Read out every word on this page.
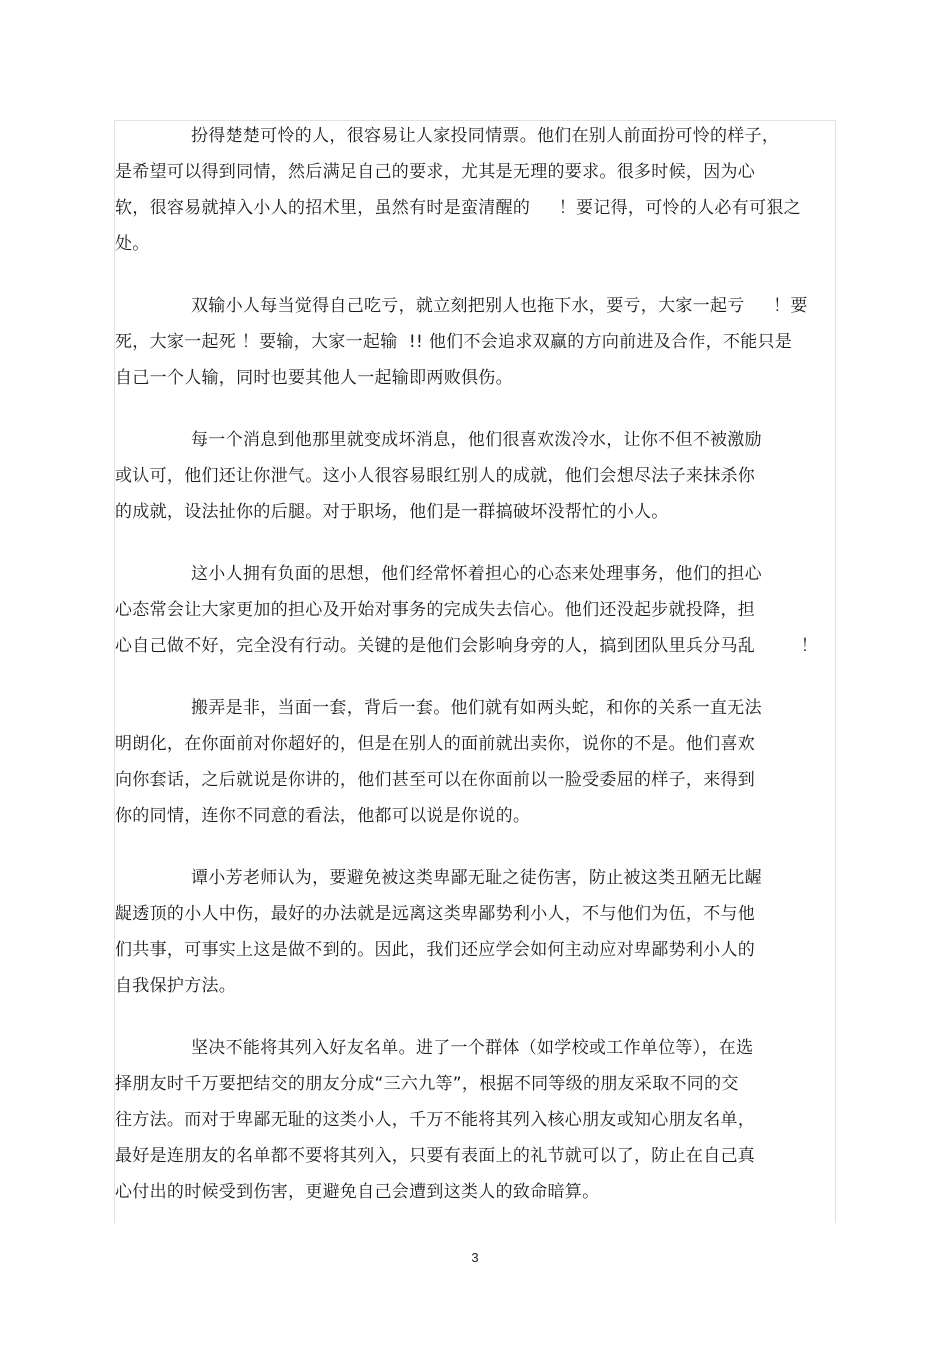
扮得楚楚可怜的人，很容易让人家投同情票。他们在别人前面扮可怜的样子，
是希望可以得到同情，然后满足自己的要求，尤其是无理的要求。很多时候，因为心
软，很容易就掉入小人的招术里，虽然有时是蛮清醒的     ！要记得，可怜的人必有可狠之
处。
双输小人每当觉得自己吃亏，就立刻把别人也拖下水，要亏，大家一起亏     ！要
死，大家一起死 ！要输，大家一起输  !! 他们不会追求双赢的方向前进及合作，不能只是
自己一个人输，同时也要其他人一起输即两败俱伤。
每一个消息到他那里就变成坏消息，他们很喜欢泼冷水，让你不但不被激励
或认可，他们还让你泄气。这小人很容易眼红别人的成就，他们会想尽法子来抹杀你
的成就，设法扯你的后腿。对于职场，他们是一群搞破坏没帮忙的小人。
这小人拥有负面的思想，他们经常怀着担心的心态来处理事务，他们的担心
心态常会让大家更加的担心及开始对事务的完成失去信心。他们还没起步就投降，担
心自己做不好，完全没有行动。关键的是他们会影响身旁的人，搞到团队里兵分马乱        ！
搬弄是非，当面一套，背后一套。他们就有如两头蛇，和你的关系一直无法
明朗化，在你面前对你超好的，但是在别人的面前就出卖你，说你的不是。他们喜欢
向你套话，之后就说是你讲的，他们甚至可以在你面前以一脸受委屈的样子，来得到
你的同情，连你不同意的看法，他都可以说是你说的。
谭小芳老师认为，要避免被这类卑鄙无耻之徒伤害，防止被这类丑陋无比龌
龊透顶的小人中伤，最好的办法就是远离这类卑鄙势利小人，不与他们为伍，不与他
们共事，可事实上这是做不到的。因此，我们还应学会如何主动应对卑鄙势利小人的
自我保护方法。
坚决不能将其列入好友名单。进了一个群体（如学校或工作单位等），在选
择朋友时千万要把结交的朋友分成“三六九等”，根据不同等级的朋友采取不同的交
往方法。而对于卑鄙无耻的这类小人，千万不能将其列入核心朋友或知心朋友名单，
最好是连朋友的名单都不要将其列入，只要有表面上的礼节就可以了，防止在自己真
心付出的时候受到伤害，更避免自己会遭到这类人的致命暗算。
3
